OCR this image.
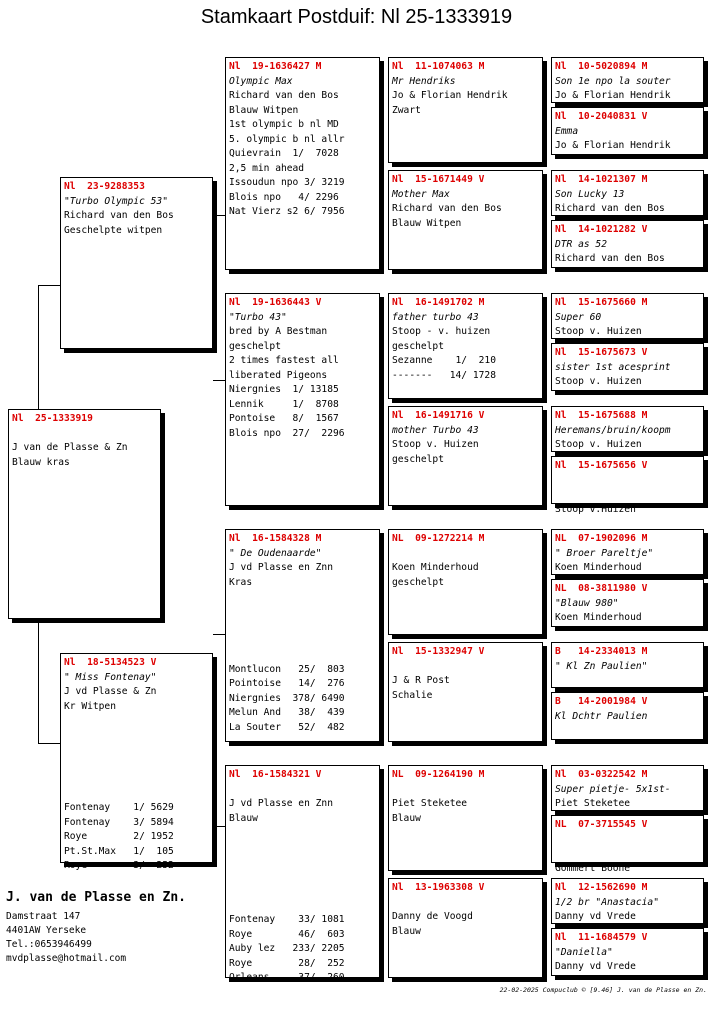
Stamkaart Postduif: Nl 25-1333919
Nl  25-1333919

J van de Plasse & Zn
Blauw kras
Nl  23-9288353
"Turbo Olympic 53"
Richard van den Bos
Geschelpte witpen
Nl  18-5134523 V
" Miss Fontenay"
J vd Plasse & Zn
Kr Witpen

Fontenay    1/ 5629
Fontenay    3/ 5894
Roye        2/ 1952
Pt.St.Max   1/  105
Roye        3/  252
Nl  19-1636427 M
Olympic Max
Richard van den Bos
Blauw Witpen
1st olympic b nl MD
5. olympic b nl allr
Quievrain  1/  7028
2,5 min ahead
Issoudun npo 3/ 3219
Blois npo   4/ 2296
Nat Vierz s2 6/ 7956
Nl  19-1636443 V
"Turbo 43"
bred by A Bestman
geschelpt
2 times fastest all
liberated Pigeons
Niergnies  1/ 13185
Lennik     1/  8708
Pontoise   8/  1567
Blois npo  27/  2296
Nl  16-1584328 M
" De Oudenaarde"
J vd Plasse en Znn
Kras

Montlucon   25/  803
Pointoise   14/  276
Niergnies  378/ 6490
Melun And   38/  439
La Souter   52/  482
Nl  16-1584321 V

J vd Plasse en Znn
Blauw

Fontenay    33/ 1081
Roye        46/  603
Auby lez   233/ 2205
Roye        28/  252
Orleans     37/  260
Nl  11-1074063 M
Mr Hendriks
Jo & Florian Hendrik
Zwart
Nl  15-1671449 V
Mother Max
Richard van den Bos
Blauw Witpen
Nl  16-1491702 M
father turbo 43
Stoop - v. huizen
geschelpt
Sezanne    1/  210
-------   14/ 1728
Nl  16-1491716 V
mother Turbo 43
Stoop v. Huizen
geschelpt
NL  09-1272214 M

Koen Minderhoud
geschelpt
Nl  15-1332947 V

J & R Post
Schalie
NL  09-1264190 M

Piet Steketee
Blauw
Nl  13-1963308 V

Danny de Voogd
Blauw
Nl  10-5020894 M
Son 1e npo la souter
Jo & Florian Hendrik
Nl  10-2040831 V
Emma
Jo & Florian Hendrik
Nl  14-1021307 M
Son Lucky 13
Richard van den Bos
Nl  14-1021282 V
DTR as 52
Richard van den Bos
Nl  15-1675660 M
Super 60
Stoop v. Huizen
Nl  15-1675673 V
sister 1st acesprint
Stoop v. Huizen
Nl  15-1675688 M
Heremans/bruin/koopm
Stoop v. Huizen
Nl  15-1675656 V

Stoop v.Huizen
NL  07-1902096 M
" Broer Pareltje"
Koen Minderhoud
NL  08-3811980 V
"Blauw 980"
Koen Minderhoud
B   14-2334013 M
" Kl Zn Paulien"
B   14-2001984 V
Kl Dchtr Paulien
Nl  03-0322542 M
Super pietje- 5x1st-
Piet Steketee
NL  07-3715545 V

Gommert Boone
Nl  12-1562690 M
1/2 br "Anastacia"
Danny vd Vrede
Nl  11-1684579 V
"Daniella"
Danny vd Vrede
J. van de Plasse en Zn.
Damstraat 147
4401AW Yerseke
Tel.:0653946499
mvdplasse@hotmail.com
22-02-2025 Compuclub © [9.46] J. van de Plasse en Zn.
